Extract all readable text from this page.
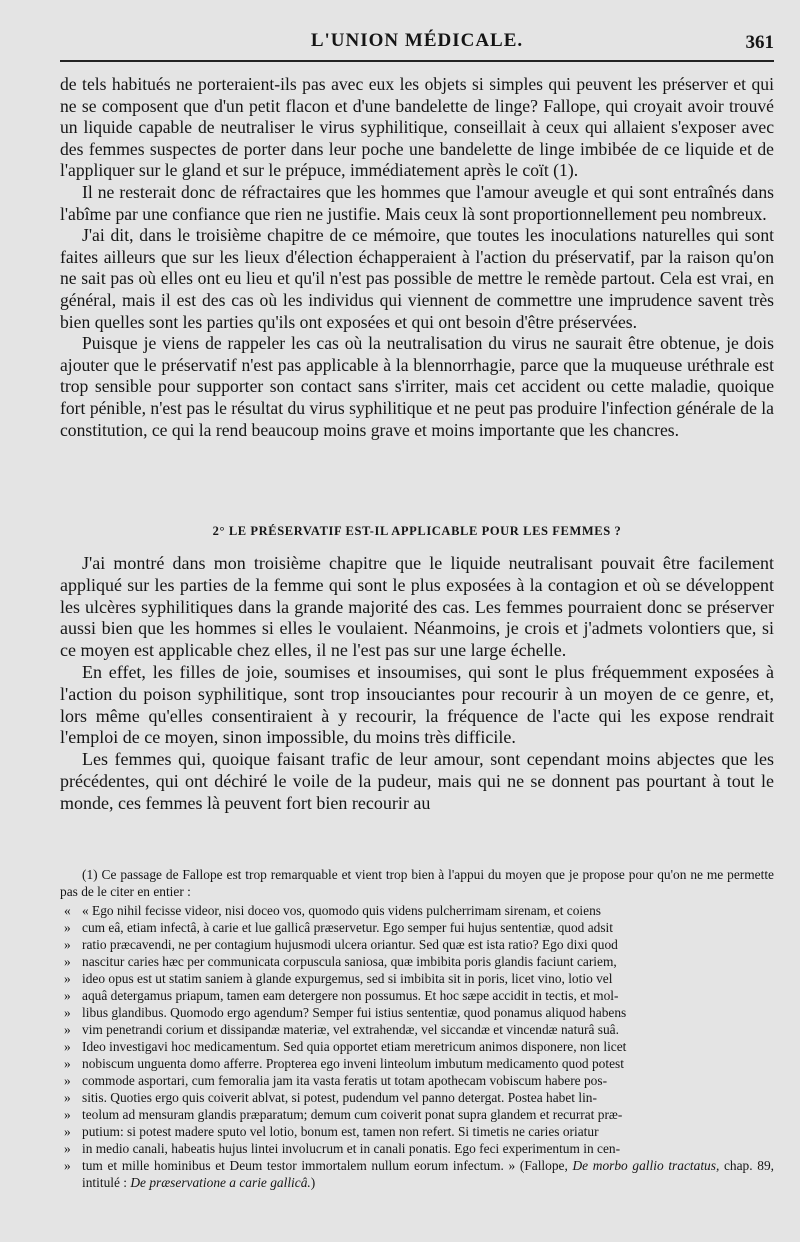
L'UNION MÉDICALE.	361

de tels habitués ne porteraient-ils pas avec eux les objets si simples qui peuvent les préserver et qui ne se composent que d'un petit flacon et d'une bandelette de linge? Fallope, qui croyait avoir trouvé un liquide capable de neutraliser le virus syphilitique, conseillait à ceux qui allaient s'exposer avec des femmes suspectes de porter dans leur poche une bandelette de linge imbibée de ce liquide et de l'appliquer sur le gland et sur le prépuce, immédiatement après le coït (1).

Il ne resterait donc de réfractaires que les hommes que l'amour aveugle et qui sont entraînés dans l'abîme par une confiance que rien ne justifie. Mais ceux là sont proportionnellement peu nombreux.

J'ai dit, dans le troisième chapitre de ce mémoire, que toutes les inoculations naturelles qui sont faites ailleurs que sur les lieux d'élection échapperaient à l'action du préservatif, par la raison qu'on ne sait pas où elles ont eu lieu et qu'il n'est pas possible de mettre le remède partout. Cela est vrai, en général, mais il est des cas où les individus qui viennent de commettre une imprudence savent très bien quelles sont les parties qu'ils ont exposées et qui ont besoin d'être préservées.

Puisque je viens de rappeler les cas où la neutralisation du virus ne saurait être obtenue, je dois ajouter que le préservatif n'est pas applicable à la blennorrhagie, parce que la muqueuse uréthrale est trop sensible pour supporter son contact sans s'irriter, mais cet accident ou cette maladie, quoique fort pénible, n'est pas le résultat du virus syphilitique et ne peut pas produire l'infection générale de la constitution, ce qui la rend beaucoup moins grave et moins importante que les chancres.

2° LE PRÉSERVATIF EST-IL APPLICABLE POUR LES FEMMES ?

J'ai montré dans mon troisième chapitre que le liquide neutralisant pouvait être facilement appliqué sur les parties de la femme qui sont le plus exposées à la contagion et où se développent les ulcères syphilitiques dans la grande majorité des cas. Les femmes pourraient donc se préserver aussi bien que les hommes si elles le voulaient. Néanmoins, je crois et j'admets volontiers que, si ce moyen est applicable chez elles, il ne l'est pas sur une large échelle.

En effet, les filles de joie, soumises et insoumises, qui sont le plus fréquemment exposées à l'action du poison syphilitique, sont trop insouciantes pour recourir à un moyen de ce genre, et, lors même qu'elles consentiraient à y recourir, la fréquence de l'acte qui les expose rendrait l'emploi de ce moyen, sinon impossible, du moins très difficile.

Les femmes qui, quoique faisant trafic de leur amour, sont cependant moins abjectes que les précédentes, qui ont déchiré le voile de la pudeur, mais qui ne se donnent pas pourtant à tout le monde, ces femmes là peuvent fort bien recourir au

(1) Ce passage de Fallope est trop remarquable et vient trop bien à l'appui du moyen que je propose pour qu'on ne me permette pas de le citer en entier :

« « Ego nihil fecisse videor, nisi doceo vos, quomodo quis videns pulcherrimam sirenam, et coiens
» cum eâ, etiam infectâ, à carie et lue gallicâ præservetur. Ego semper fui hujus sententiæ, quod adsit
» ratio præcavendi, ne per contagium hujusmodi ulcera oriantur. Sed quæ est ista ratio? Ego dixi quod
» nascitur caries hæc per communicata corpuscula saniosa, quæ imbibita poris glandis faciunt cariem,
» ideo opus est ut statim saniem à glande expurgemus, sed si imbibita sit in poris, licet vino, lotio vel
» aquâ detergamus priapum, tamen eam detergere non possumus. Et hoc sæpe accidit in tectis, et mol-
» libus glandibus. Quomodo ergo agendum? Semper fui istius sententiæ, quod ponamus aliquod habens
» vim penetrandi corium et dissipandæ materiæ, vel extrahendæ, vel siccandæ et vincendæ naturâ suâ.
» Ideo investigavi hoc medicamentum. Sed quia opportet etiam meretricum animos disponere, non licet
» nobiscum unguenta domo afferre. Propterea ego inveni linteolum imbutum medicamento quod potest
» commode asportari, cum femoralia jam ita vasta feratis ut totam apothecam vobiscum habere pos-
» sitis. Quoties ergo quis coiverit ablvat, si potest, pudendum vel panno detergat. Postea habet lin-
» teolum ad mensuram glandis præparatum; demum cum coiverit ponat supra glandem et recurrat præ-
» putium: si potest madere sputo vel lotio, bonum est, tamen non refert. Si timetis ne caries oriatur
» in medio canali, habeatis hujus lintei involucrum et in canali ponatis. Ego feci experimentum in cen-
» tum et mille hominibus et Deum testor immortalem nullum eorum infectum. » (Fallope, De morbo gallio tractatus, chap. 89, intitulé : De præservatione a carie gallicâ.)
